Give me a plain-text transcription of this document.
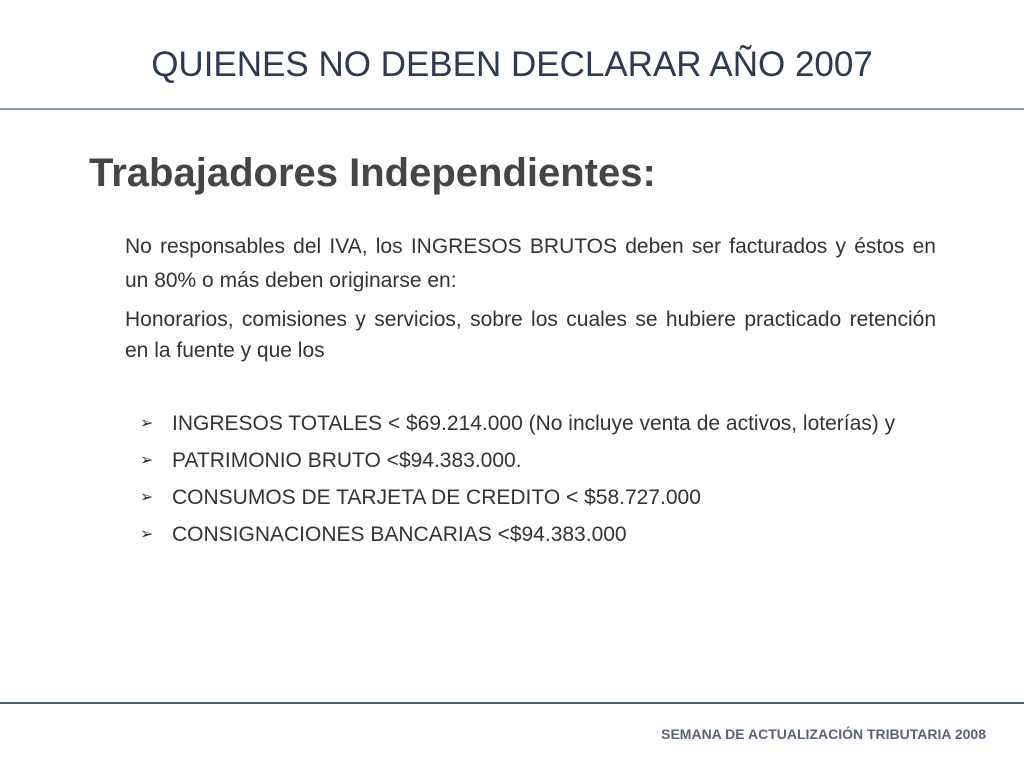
QUIENES NO DEBEN DECLARAR AÑO 2007
Trabajadores Independientes:
No responsables del IVA, los INGRESOS BRUTOS deben ser facturados y éstos en un 80% o más deben originarse en:
Honorarios, comisiones y servicios, sobre los cuales se hubiere practicado retención en la fuente y que los
➢ INGRESOS TOTALES < $69.214.000 (No incluye venta de activos, loterías) y
➢ PATRIMONIO BRUTO <$94.383.000.
➢ CONSUMOS DE TARJETA DE CREDITO < $58.727.000
➢ CONSIGNACIONES BANCARIAS <$94.383.000
SEMANA DE ACTUALIZACIÓN TRIBUTARIA 2008
